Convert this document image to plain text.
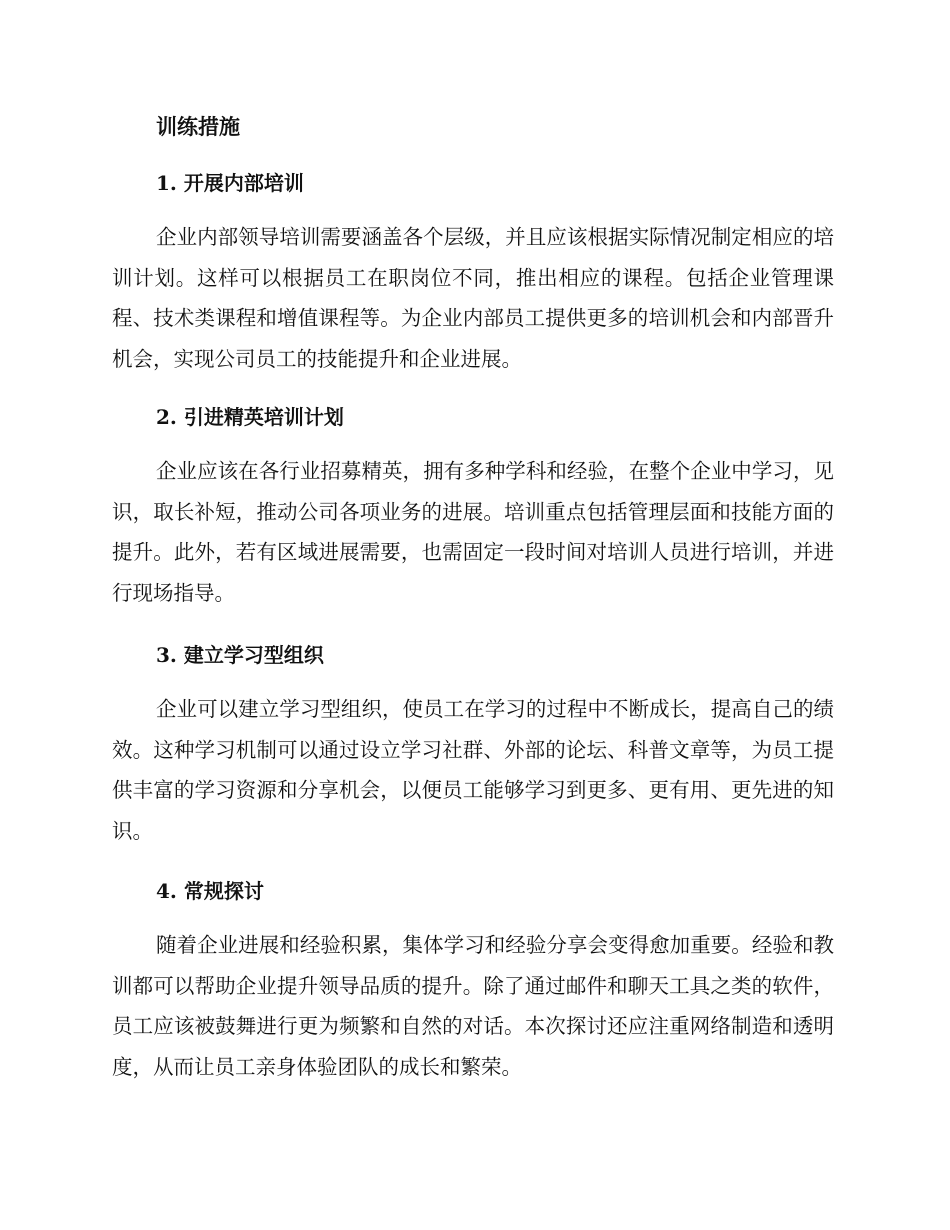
训练措施
1. 开展内部培训

企业内部领导培训需要涵盖各个层级，并且应该根据实际情况制定相应的培训计划。这样可以根据员工在职岗位不同，推出相应的课程。包括企业管理课程、技术类课程和增值课程等。为企业内部员工提供更多的培训机会和内部晋升机会，实现公司员工的技能提升和企业进展。

2. 引进精英培训计划

企业应该在各行业招募精英，拥有多种学科和经验，在整个企业中学习，见识，取长补短，推动公司各项业务的进展。培训重点包括管理层面和技能方面的提升。此外，若有区域进展需要，也需固定一段时间对培训人员进行培训，并进行现场指导。

3. 建立学习型组织

企业可以建立学习型组织，使员工在学习的过程中不断成长，提高自己的绩效。这种学习机制可以通过设立学习社群、外部的论坛、科普文章等，为员工提供丰富的学习资源和分享机会，以便员工能够学习到更多、更有用、更先进的知识。

4. 常规探讨

随着企业进展和经验积累，集体学习和经验分享会变得愈加重要。经验和教训都可以帮助企业提升领导品质的提升。除了通过邮件和聊天工具之类的软件，员工应该被鼓舞进行更为频繁和自然的对话。本次探讨还应注重网络制造和透明度，从而让员工亲身体验团队的成长和繁荣。
